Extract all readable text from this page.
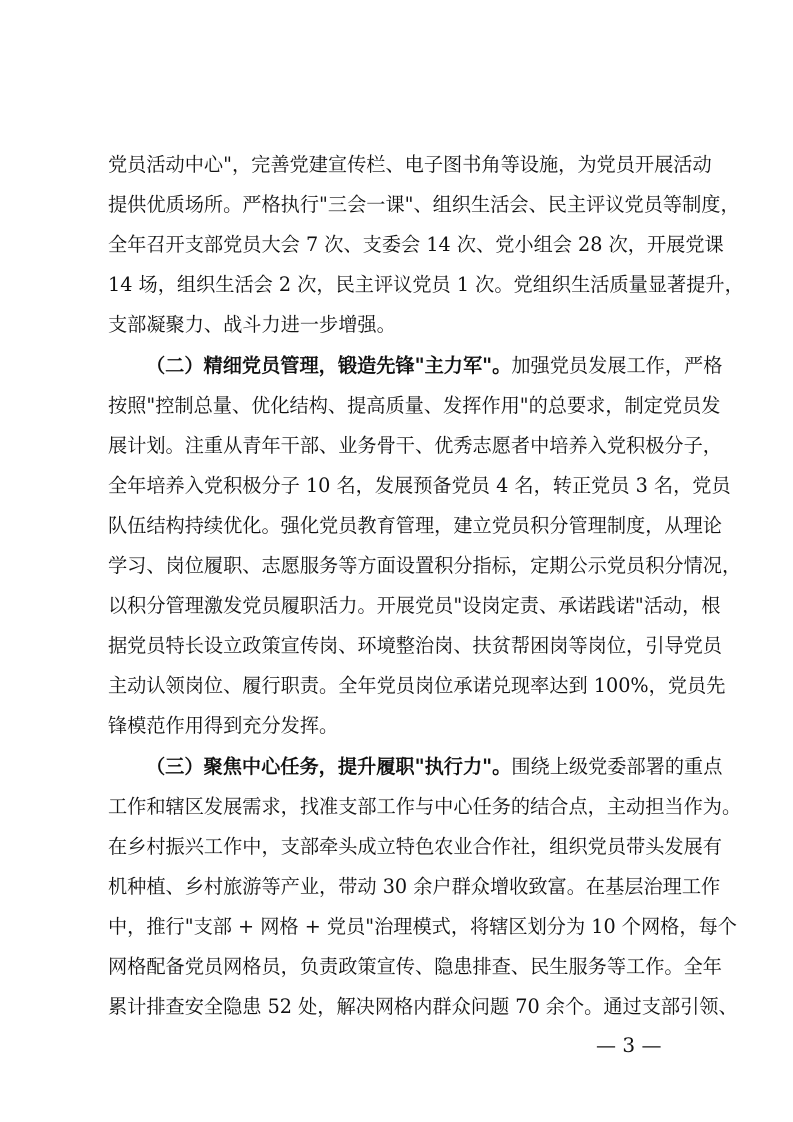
党员活动中心"，完善党建宣传栏、电子图书角等设施，为党员开展活动
提供优质场所。严格执行"三会一课"、组织生活会、民主评议党员等制度，
全年召开支部党员大会 7 次、支委会 14 次、党小组会 28 次，开展党课
14 场，组织生活会 2 次，民主评议党员 1 次。党组织生活质量显著提升，
支部凝聚力、战斗力进一步增强。
（二）精细党员管理，锻造先锋"主力军"。加强党员发展工作，严格
按照"控制总量、优化结构、提高质量、发挥作用"的总要求，制定党员发
展计划。注重从青年干部、业务骨干、优秀志愿者中培养入党积极分子，
全年培养入党积极分子 10 名，发展预备党员 4 名，转正党员 3 名，党员
队伍结构持续优化。强化党员教育管理，建立党员积分管理制度，从理论
学习、岗位履职、志愿服务等方面设置积分指标，定期公示党员积分情况，
以积分管理激发党员履职活力。开展党员"设岗定责、承诺践诺"活动，根
据党员特长设立政策宣传岗、环境整治岗、扶贫帮困岗等岗位，引导党员
主动认领岗位、履行职责。全年党员岗位承诺兑现率达到 100%，党员先
锋模范作用得到充分发挥。
（三）聚焦中心任务，提升履职"执行力"。围绕上级党委部署的重点
工作和辖区发展需求，找准支部工作与中心任务的结合点，主动担当作为。
在乡村振兴工作中，支部牵头成立特色农业合作社，组织党员带头发展有
机种植、乡村旅游等产业，带动 30 余户群众增收致富。在基层治理工作
中，推行"支部 + 网格 + 党员"治理模式，将辖区划分为 10 个网格，每个
网格配备党员网格员，负责政策宣传、隐患排查、民生服务等工作。全年
累计排查安全隐患 52 处，解决网格内群众问题 70 余个。通过支部引领、
— 3 —
